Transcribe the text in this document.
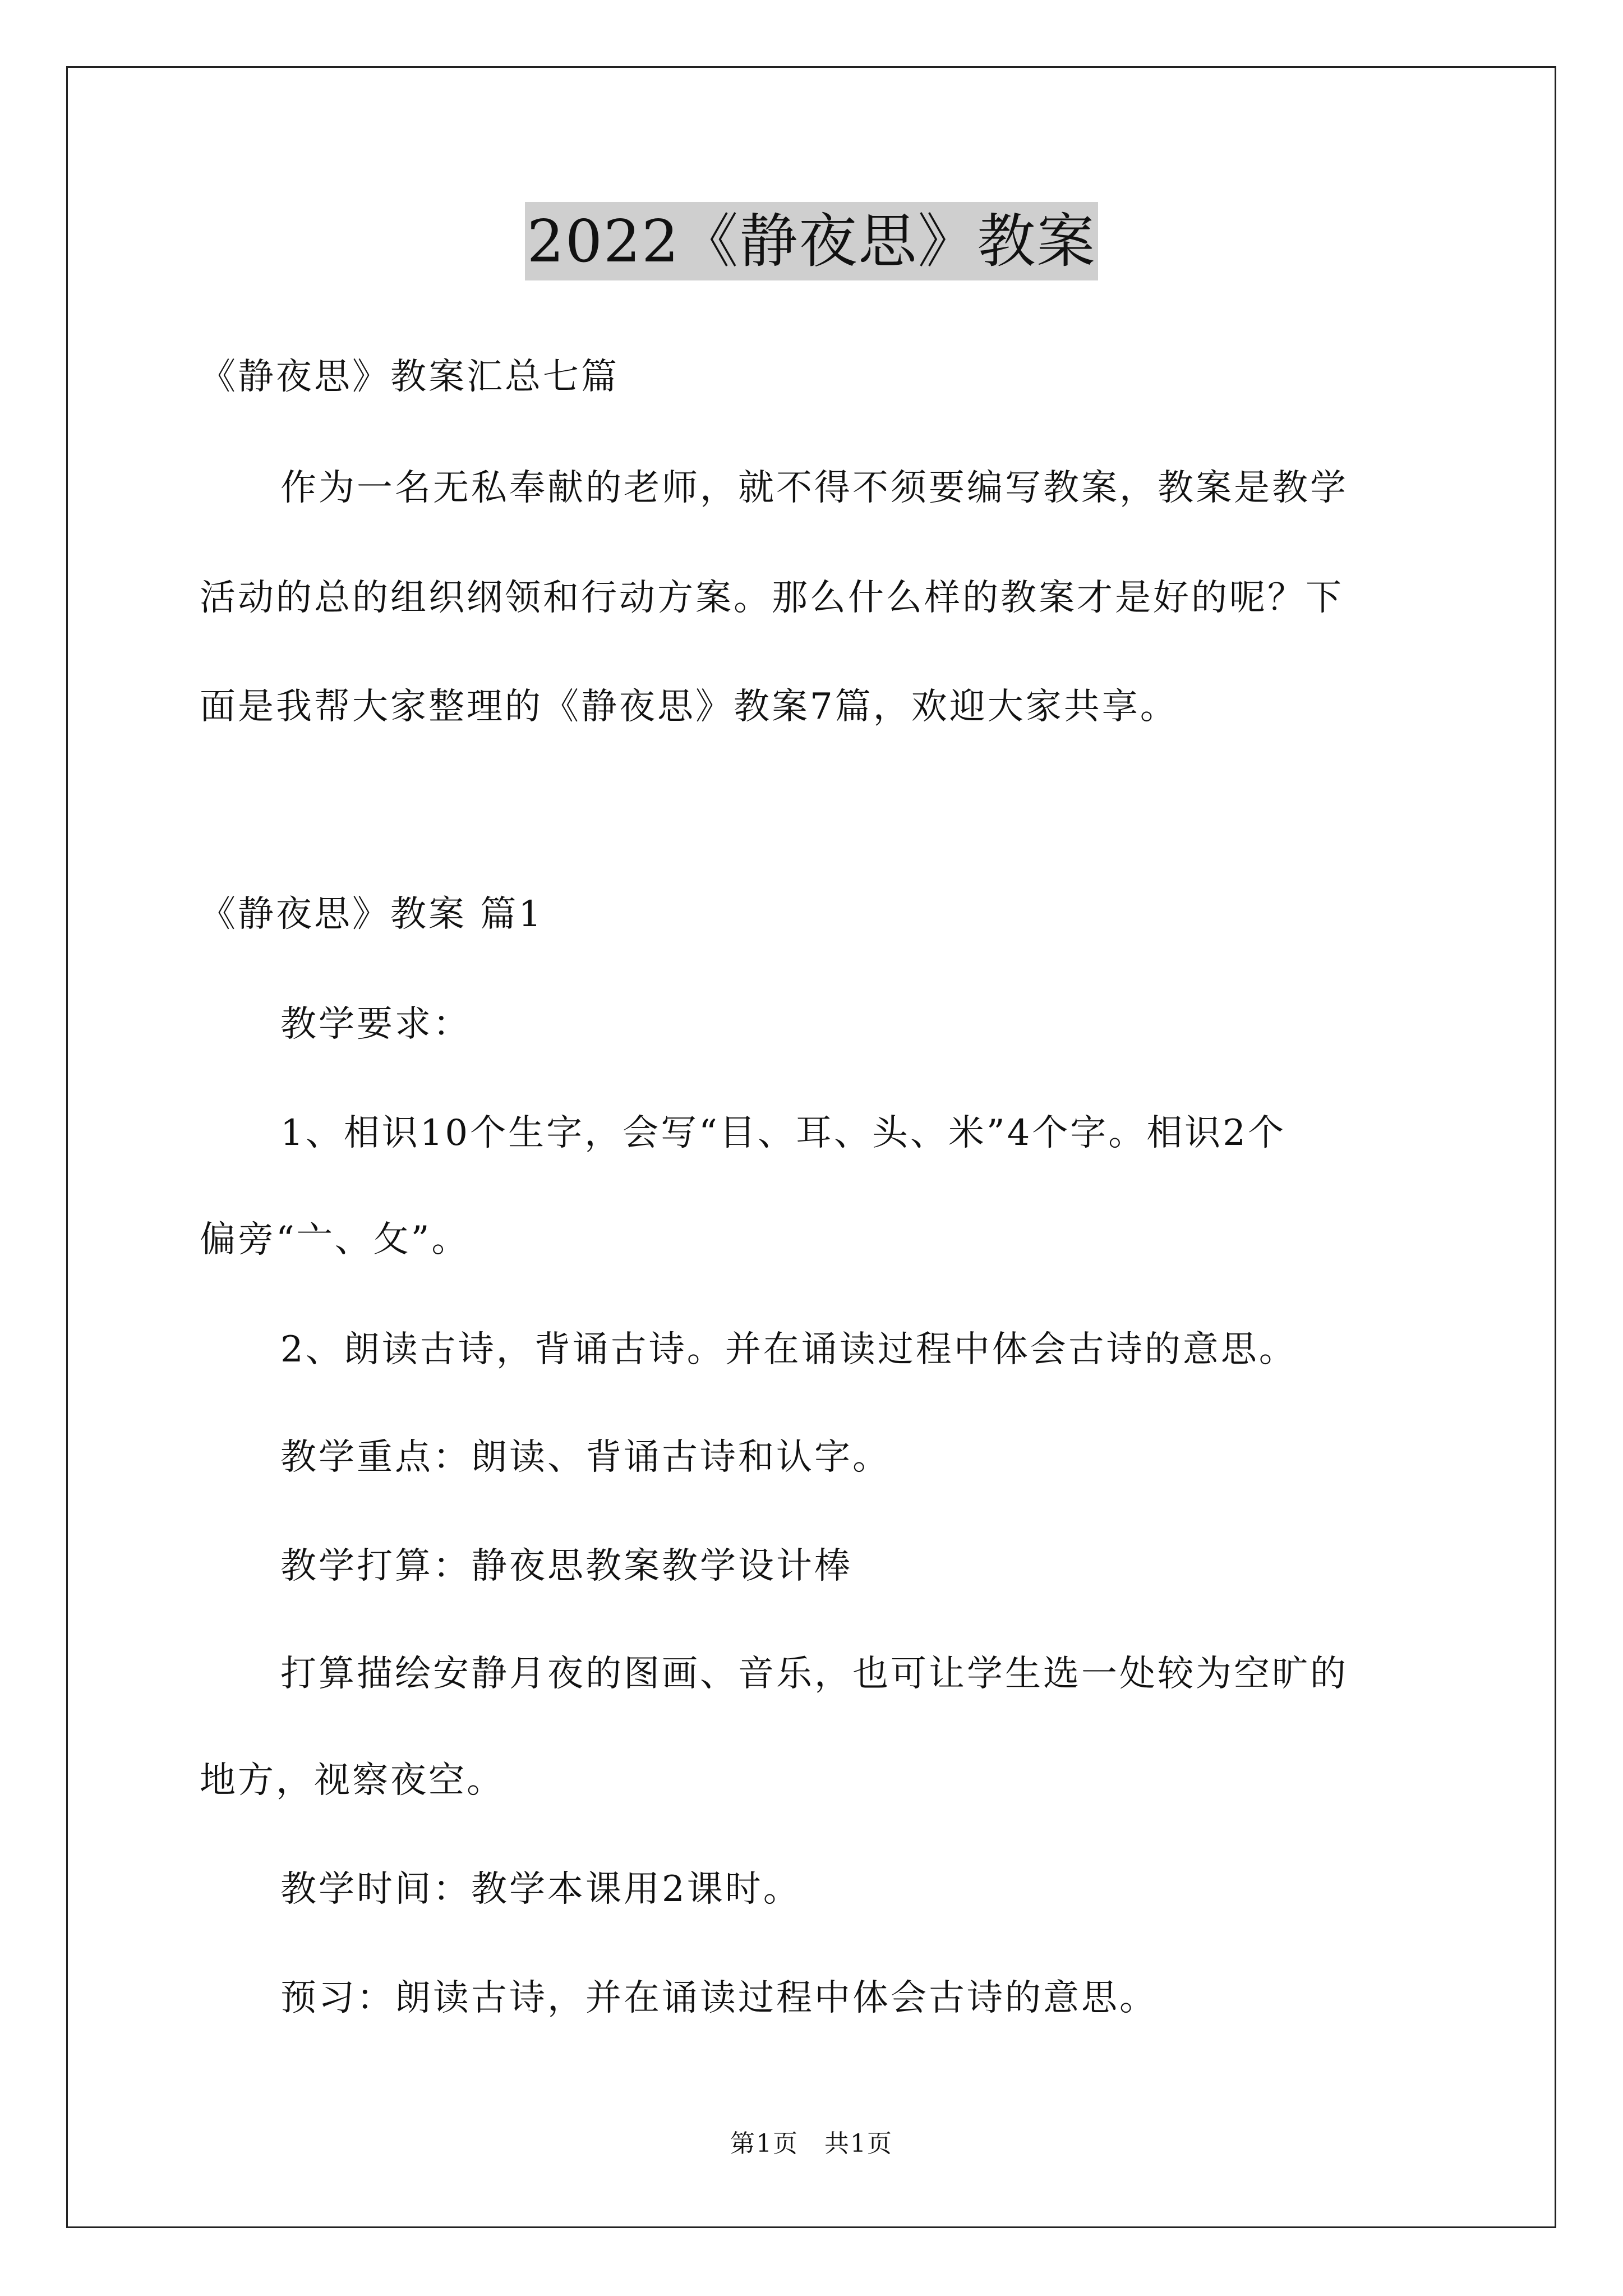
2022《静夜思》教案
《静夜思》教案汇总七篇
作为一名无私奉献的老师，就不得不须要编写教案，教案是教学
活动的总的组织纲领和行动方案。那么什么样的教案才是好的呢？下
面是我帮大家整理的《静夜思》教案7篇，欢迎大家共享。
《静夜思》教案 篇1
教学要求：
1、相识10个生字，会写“目、耳、头、米”4个字。相识2个
偏旁“亠、攵”。
2、朗读古诗，背诵古诗。并在诵读过程中体会古诗的意思。
教学重点：朗读、背诵古诗和认字。
教学打算：静夜思教案教学设计棒
打算描绘安静月夜的图画、音乐，也可让学生选一处较为空旷的
地方，视察夜空。
教学时间：教学本课用2课时。
预习：朗读古诗，并在诵读过程中体会古诗的意思。
第1页　共1页
